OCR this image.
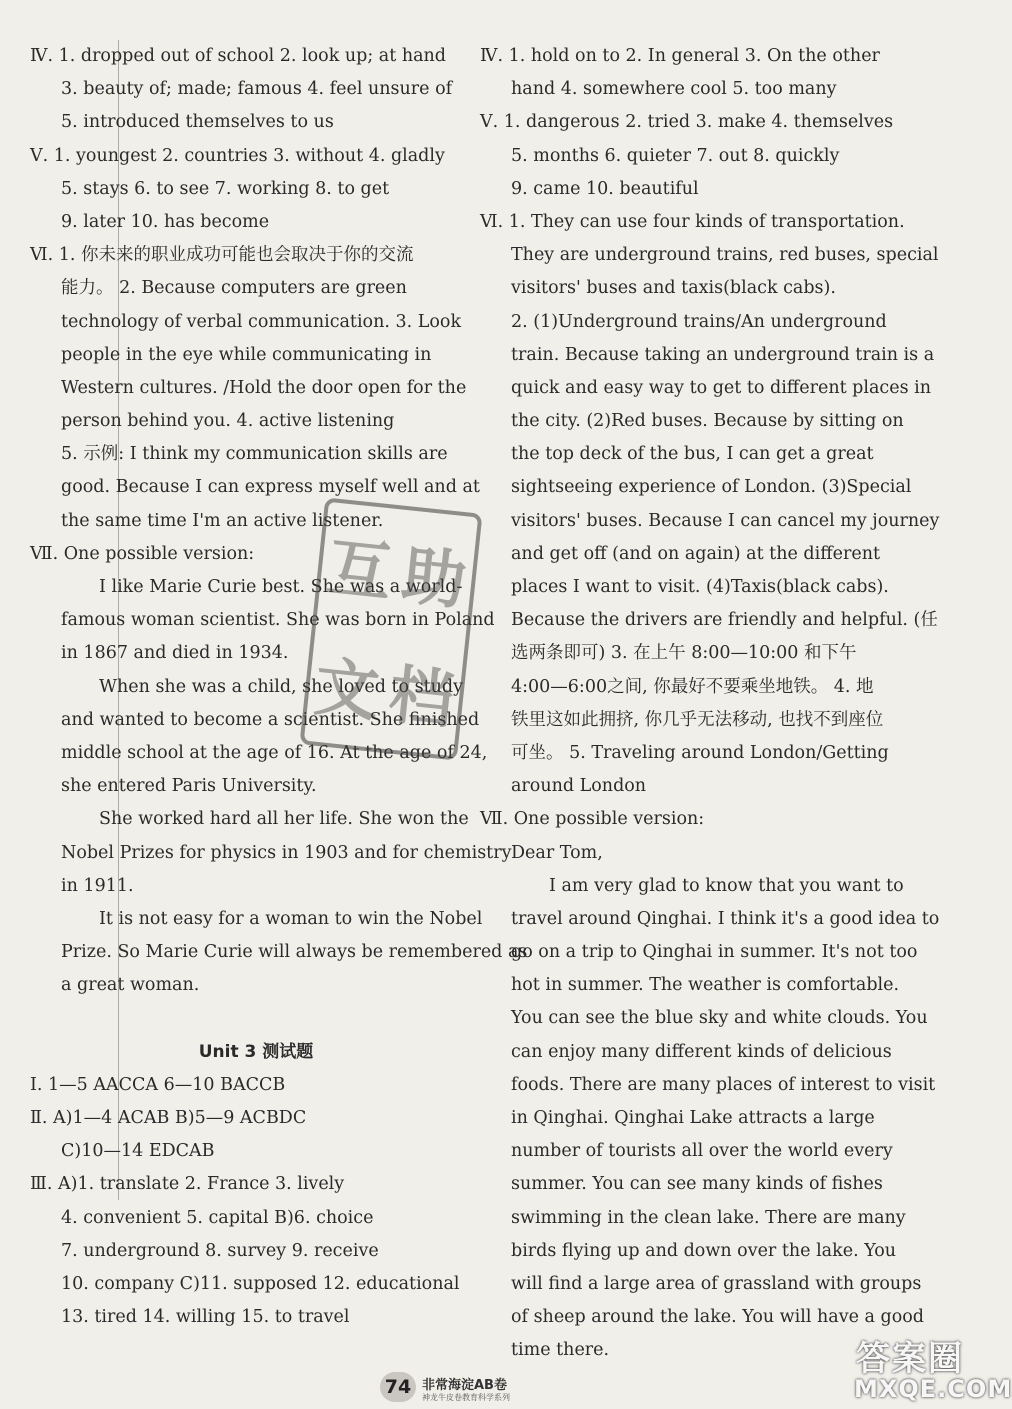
Ⅳ. 1. dropped out of school 2. look up; at hand
3. beauty of; made; famous 4. feel unsure of
5. introduced themselves to us
Ⅴ. 1. youngest 2. countries 3. without 4. gladly
5. stays 6. to see 7. working 8. to get
9. later 10. has become
Ⅵ. 1. 你未来的职业成功可能也会取决于你的交流
能力。 2. Because computers are green
technology of verbal communication. 3. Look
people in the eye while communicating in
Western cultures. /Hold the door open for the
person behind you. 4. active listening
5. 示例: I think my communication skills are
good. Because I can express myself well and at
the same time I'm an active listener.
Ⅶ. One possible version:
I like Marie Curie best. She was a world-
famous woman scientist. She was born in Poland
in 1867 and died in 1934.
When she was a child, she loved to study
and wanted to become a scientist. She finished
middle school at the age of 16. At the age of 24,
she entered Paris University.
She worked hard all her life. She won the
Nobel Prizes for physics in 1903 and for chemistry
in 1911.
It is not easy for a woman to win the Nobel
Prize. So Marie Curie will always be remembered as
a great woman.
Unit 3 测试题
Ⅰ. 1—5 AACCA 6—10 BACCB
Ⅱ. A)1—4 ACAB B)5—9 ACBDC
C)10—14 EDCAB
Ⅲ. A)1. translate 2. France 3. lively
4. convenient 5. capital B)6. choice
7. underground 8. survey 9. receive
10. company C)11. supposed 12. educational
13. tired 14. willing 15. to travel
Ⅳ. 1. hold on to 2. In general 3. On the other
hand 4. somewhere cool 5. too many
Ⅴ. 1. dangerous 2. tried 3. make 4. themselves
5. months 6. quieter 7. out 8. quickly
9. came 10. beautiful
Ⅵ. 1. They can use four kinds of transportation.
They are underground trains, red buses, special
visitors' buses and taxis(black cabs).
2. (1)Underground trains/An underground
train. Because taking an underground train is a
quick and easy way to get to different places in
the city. (2)Red buses. Because by sitting on
the top deck of the bus, I can get a great
sightseeing experience of London. (3)Special
visitors' buses. Because I can cancel my journey
and get off (and on again) at the different
places I want to visit. (4)Taxis(black cabs).
Because the drivers are friendly and helpful. (任
选两条即可) 3. 在上午 8:00—10:00 和下午
4:00—6:00之间, 你最好不要乘坐地铁。 4. 地
铁里这如此拥挤, 你几乎无法移动, 也找不到座位
可坐。 5. Traveling around London/Getting
around London
Ⅶ. One possible version:
Dear Tom,
I am very glad to know that you want to
travel around Qinghai. I think it's a good idea to
go on a trip to Qinghai in summer. It's not too
hot in summer. The weather is comfortable.
You can see the blue sky and white clouds. You
can enjoy many different kinds of delicious
foods. There are many places of interest to visit
in Qinghai. Qinghai Lake attracts a large
number of tourists all over the world every
summer. You can see many kinds of fishes
swimming in the clean lake. There are many
birds flying up and down over the lake. You
will find a large area of grassland with groups
of sheep around the lake. You will have a good
time there.
互 助
文 档
74 非常海淀AB卷
神龙牛皮卷教育科学系列
答案圈
MXQE.COM
